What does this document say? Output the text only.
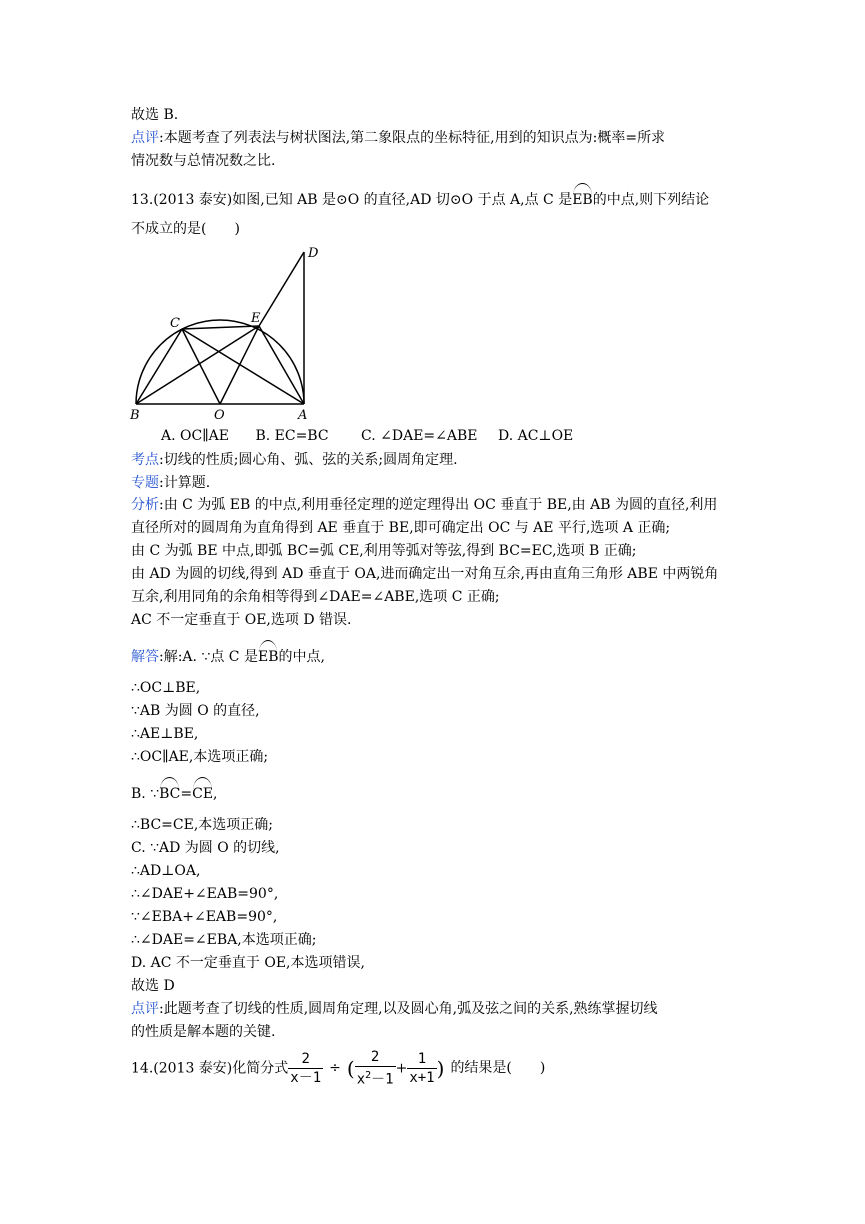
故选 B.
点评:本题考查了列表法与树状图法,第二象限点的坐标特征,用到的知识点为:概率=所求
情况数与总情况数之比.
13.(2013 泰安)如图,已知 AB 是⊙O 的直径,AD 切⊙O 于点 A,点 C 是EB的中点,则下列结论
不成立的是(　　)
D
C	E
B	O	A
A. OC∥AE B. EC=BC C. ∠DAE=∠ABE D. AC⊥OE
考点:切线的性质;圆心角、弧、弦的关系;圆周角定理.
专题:计算题.
分析:由 C 为弧 EB 的中点,利用垂径定理的逆定理得出 OC 垂直于 BE,由 AB 为圆的直径,利用
直径所对的圆周角为直角得到 AE 垂直于 BE,即可确定出 OC 与 AE 平行,选项 A 正确;
由 C 为弧 BE 中点,即弧 BC=弧 CE,利用等弧对等弦,得到 BC=EC,选项 B 正确;
由 AD 为圆的切线,得到 AD 垂直于 OA,进而确定出一对角互余,再由直角三角形 ABE 中两锐角
互余,利用同角的余角相等得到∠DAE=∠ABE,选项 C 正确;
AC 不一定垂直于 OE,选项 D 错误.
解答:解:A. ∵点 C 是EB的中点,
∴OC⊥BE,
∵AB 为圆 O 的直径,
∴AE⊥BE,
∴OC∥AE,本选项正确;
B. ∵BC=CE,
∴BC=CE,本选项正确;
C. ∵AD 为圆 O 的切线,
∴AD⊥OA,
∴∠DAE+∠EAB=90°,
∵∠EBA+∠EAB=90°,
∴∠DAE=∠EBA,本选项正确;
D. AC 不一定垂直于 OE,本选项错误,
故选 D
点评:此题考查了切线的性质,圆周角定理,以及圆心角,弧及弦之间的关系,熟练掌握切线
的性质是解本题的关键.
14.(2013 泰安)化简分式 $\frac{2}{x-1}$ ÷ ( $\frac{2}{x^2-1} + \frac{1}{x+1}$ ) 的结果是(　　)
